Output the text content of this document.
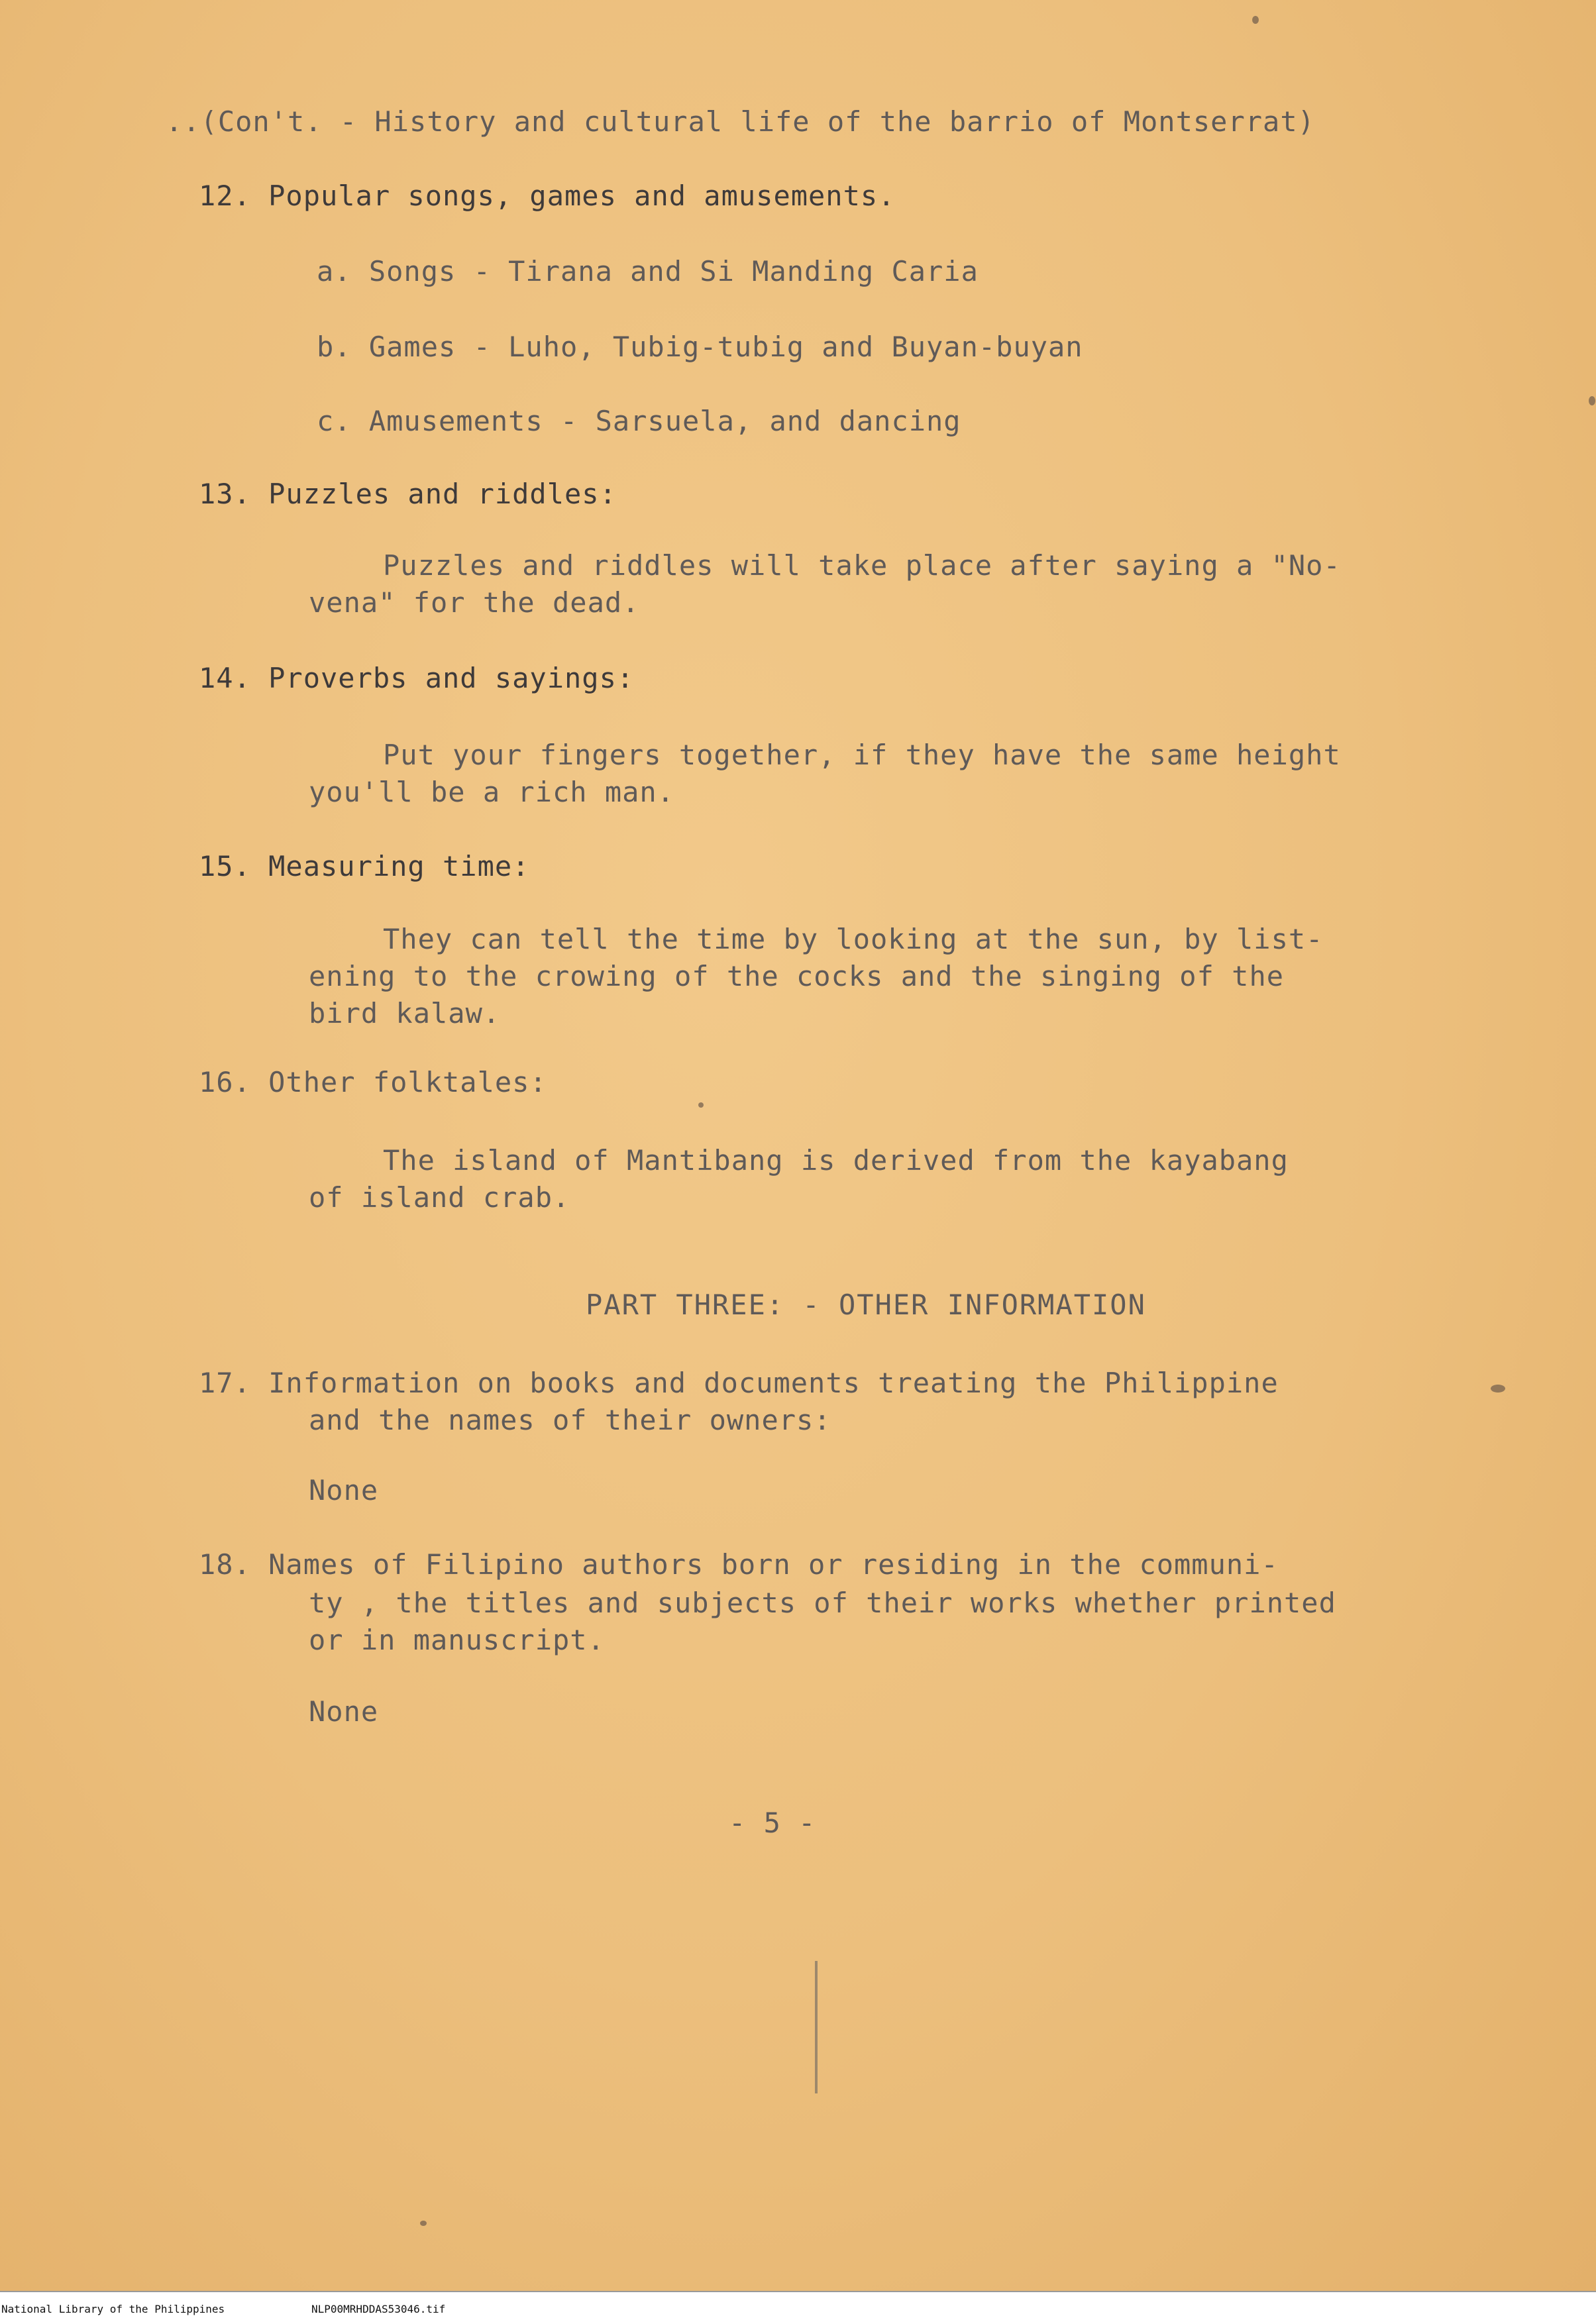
..(Con't. - History and cultural life of the barrio of Montserrat)
12. Popular songs, games and amusements.
a. Songs - Tirana and Si Manding Caria
b. Games - Luho, Tubig-tubig and Buyan-buyan
c. Amusements - Sarsuela, and dancing
13. Puzzles and riddles:
Puzzles and riddles will take place after saying a "No-
vena" for the dead.
14. Proverbs and sayings:
Put your fingers together, if they have the same height
you'll be a rich man.
15. Measuring time:
They can tell the time by looking at the sun, by list-
ening to the crowing of the cocks and the singing of the
bird kalaw.
16. Other folktales:
The island of Mantibang is derived from the kayabang
of island crab.
PART THREE: - OTHER INFORMATION
17. Information on books and documents treating the Philippine
and the names of their owners:
None
18. Names of Filipino authors born or residing in the communi-
ty , the titles and subjects of their works whether printed
or in manuscript.
None
- 5 -
National Library of the Philippines	NLP00MRHDDAS53046.tif
